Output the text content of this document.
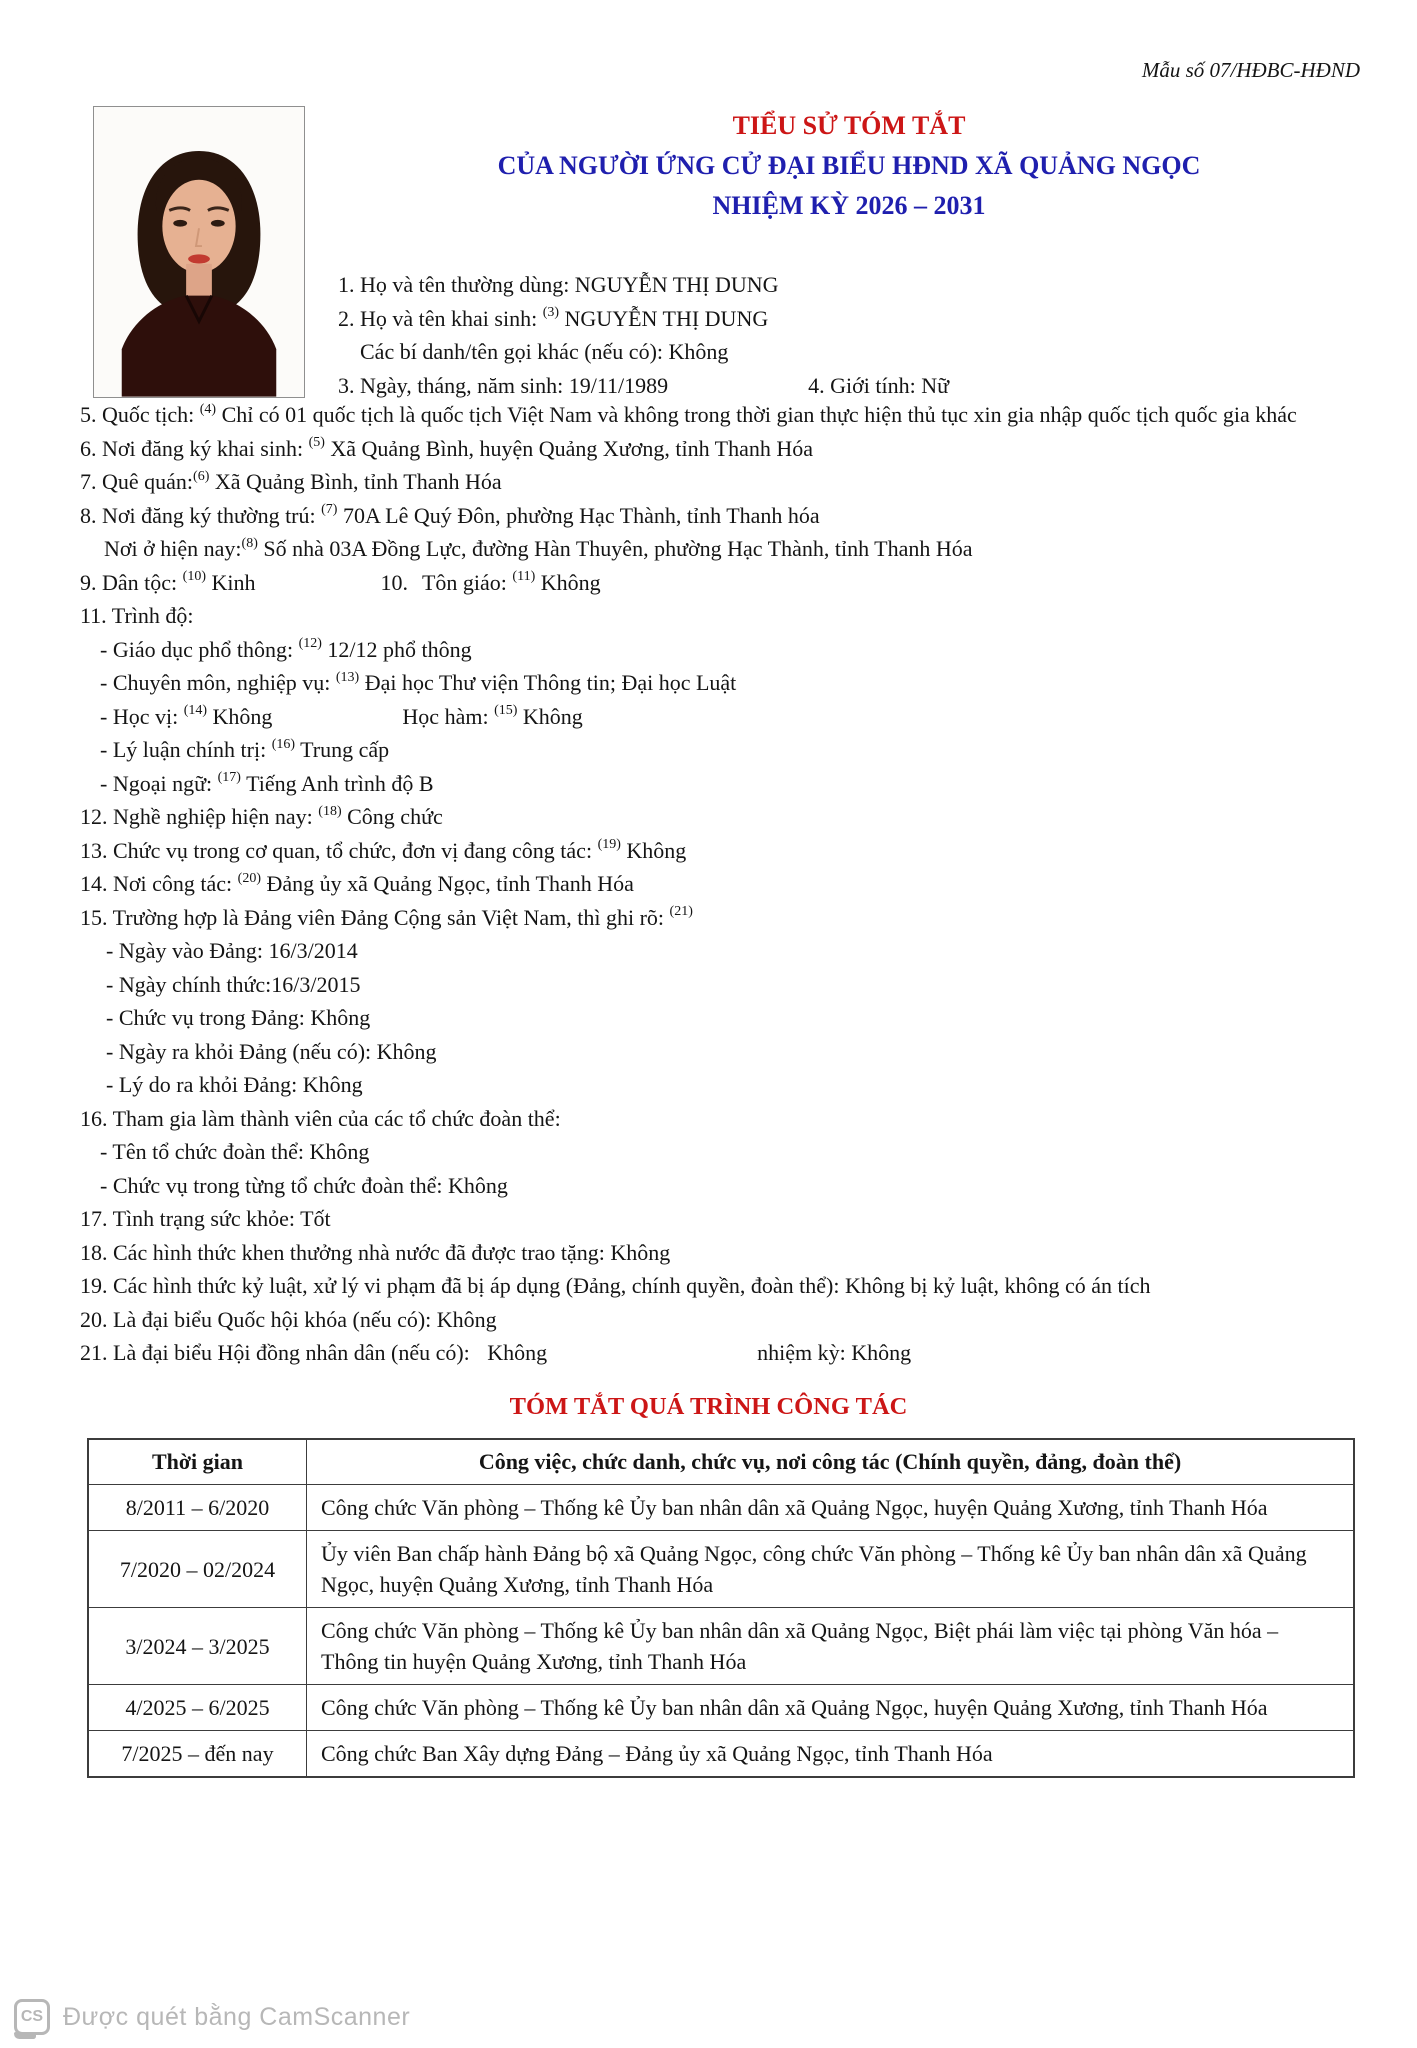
Mẫu số 07/HĐBC-HĐND
TIỂU SỬ TÓM TẮT
CỦA NGƯỜI ỨNG CỬ ĐẠI BIỂU HĐND XÃ QUẢNG NGỌC
NHIỆM KỲ 2026 – 2031
1. Họ và tên thường dùng: NGUYỄN THỊ DUNG
2. Họ và tên khai sinh: $^{(3)}$ NGUYỄN THỊ DUNG
Các bí danh/tên gọi khác (nếu có): Không
3. Ngày, tháng, năm sinh: 19/11/1989	4. Giới tính: Nữ
5. Quốc tịch: $^{(4)}$ Chỉ có 01 quốc tịch là quốc tịch Việt Nam và không trong thời gian thực hiện thủ tục xin gia nhập quốc tịch quốc gia khác
6. Nơi đăng ký khai sinh: $^{(5)}$ Xã Quảng Bình, huyện Quảng Xương, tỉnh Thanh Hóa
7. Quê quán:$^{(6)}$ Xã Quảng Bình, tỉnh Thanh Hóa
8. Nơi đăng ký thường trú: $^{(7)}$ 70A Lê Quý Đôn, phường Hạc Thành, tỉnh Thanh hóa
Nơi ở hiện nay:$^{(8)}$ Số nhà 03A Đồng Lực, đường Hàn Thuyên, phường Hạc Thành, tỉnh Thanh Hóa
9. Dân tộc: $^{(10)}$ Kinh	10. Tôn giáo: $^{(11)}$ Không
11. Trình độ:
- Giáo dục phổ thông: $^{(12)}$ 12/12 phổ thông
- Chuyên môn, nghiệp vụ: $^{(13)}$ Đại học Thư viện Thông tin; Đại học Luật
- Học vị: $^{(14)}$ Không	Học hàm: $^{(15)}$ Không
- Lý luận chính trị: $^{(16)}$ Trung cấp
- Ngoại ngữ: $^{(17)}$ Tiếng Anh trình độ B
12. Nghề nghiệp hiện nay: $^{(18)}$ Công chức
13. Chức vụ trong cơ quan, tổ chức, đơn vị đang công tác: $^{(19)}$ Không
14. Nơi công tác: $^{(20)}$ Đảng ủy xã Quảng Ngọc, tỉnh Thanh Hóa
15. Trường hợp là Đảng viên Đảng Cộng sản Việt Nam, thì ghi rõ: $^{(21)}$
- Ngày vào Đảng: 16/3/2014
- Ngày chính thức:16/3/2015
- Chức vụ trong Đảng: Không
- Ngày ra khỏi Đảng (nếu có): Không
- Lý do ra khỏi Đảng: Không
16. Tham gia làm thành viên của các tổ chức đoàn thể:
- Tên tổ chức đoàn thể: Không
- Chức vụ trong từng tổ chức đoàn thể: Không
17. Tình trạng sức khỏe: Tốt
18. Các hình thức khen thưởng nhà nước đã được trao tặng: Không
19. Các hình thức kỷ luật, xử lý vi phạm đã bị áp dụng (Đảng, chính quyền, đoàn thể): Không bị kỷ luật, không có án tích
20. Là đại biểu Quốc hội khóa (nếu có): Không
21. Là đại biểu Hội đồng nhân dân (nếu có): Không	nhiệm kỳ: Không
TÓM TẮT QUÁ TRÌNH CÔNG TÁC
Thời gian	Công việc, chức danh, chức vụ, nơi công tác (Chính quyền, đảng, đoàn thể)
8/2011 – 6/2020	Công chức Văn phòng – Thống kê Ủy ban nhân dân xã Quảng Ngọc, huyện Quảng Xương, tỉnh Thanh Hóa
7/2020 – 02/2024	Ủy viên Ban chấp hành Đảng bộ xã Quảng Ngọc, công chức Văn phòng – Thống kê Ủy ban nhân dân xã Quảng Ngọc, huyện Quảng Xương, tỉnh Thanh Hóa
3/2024 – 3/2025	Công chức Văn phòng – Thống kê Ủy ban nhân dân xã Quảng Ngọc, Biệt phái làm việc tại phòng Văn hóa – Thông tin huyện Quảng Xương, tỉnh Thanh Hóa
4/2025 – 6/2025	Công chức Văn phòng – Thống kê Ủy ban nhân dân xã Quảng Ngọc, huyện Quảng Xương, tỉnh Thanh Hóa
7/2025 – đến nay	Công chức Ban Xây dựng Đảng – Đảng ủy xã Quảng Ngọc, tỉnh Thanh Hóa
CS Được quét bằng CamScanner
